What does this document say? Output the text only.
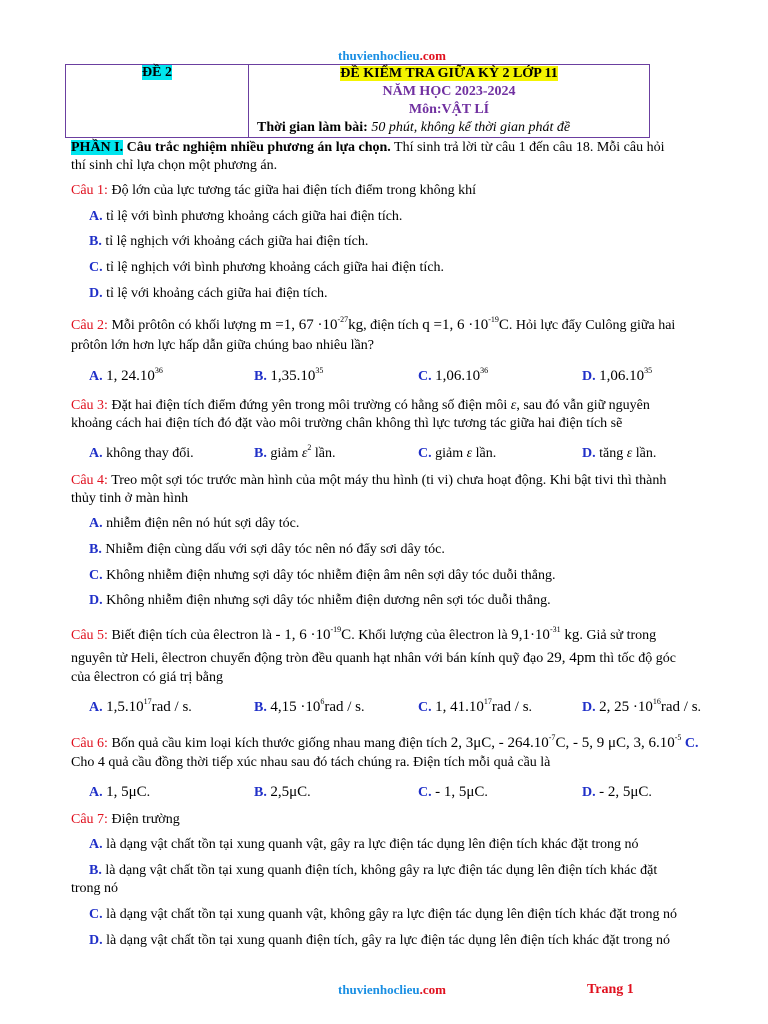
thuvienhoclieu.com
ĐỀ 2	ĐỀ KIỂM TRA GIỮA KỲ 2 LỚP 11
NĂM HỌC 2023-2024
Môn:VẬT LÍ
Thời gian làm bài: 50 phút, không kể thời gian phát đề
PHẦN I. Câu trắc nghiệm nhiều phương án lựa chọn. Thí sinh trả lời từ câu 1 đến câu 18. Mỗi câu hỏi
thí sinh chỉ lựa chọn một phương án.
Câu 1: Độ lớn của lực tương tác giữa hai điện tích điểm trong không khí
A. tỉ lệ với bình phương khoảng cách giữa hai điện tích.
B. tỉ lệ nghịch với khoảng cách giữa hai điện tích.
C. tỉ lệ nghịch với bình phương khoảng cách giữa hai điện tích.
D. tỉ lệ với khoảng cách giữa hai điện tích.
Câu 2: Mỗi prôtôn có khối lượng m =1, $67 \cdot 10^{-27}kg$, điện tích q =1, $6 \cdot 10^{-19}C$. Hỏi lực đẩy Culông giữa hai
prôtôn lớn hơn lực hấp dẫn giữa chúng bao nhiêu lần?
A. 1, 24.10$^{36}$	B. 1,35.10$^{35}$	C. 1,06.10$^{36}$	D. 1,06.10$^{35}$
Câu 3: Đặt hai điện tích điểm đứng yên trong môi trường có hằng số điện môi ε, sau đó vẫn giữ nguyên
khoảng cách hai điện tích đó đặt vào môi trường chân không thì lực tương tác giữa hai điện tích sẽ
A. không thay đổi.	B. giảm $\varepsilon^2$ lần.	C. giảm ε lần.	D. tăng ε lần.
Câu 4: Treo một sợi tóc trước màn hình của một máy thu hình (ti vi) chưa hoạt động. Khi bật tivi thì thành
thủy tinh ở màn hình
A. nhiễm điện nên nó hút sợi dây tóc.
B. Nhiễm điện cùng dấu với sợi dây tóc nên nó đẩy sơi dây tóc.
C. Không nhiễm điện nhưng sợi dây tóc nhiễm điện âm nên sợi dây tóc duỗi thẳng.
D. Không nhiễm điện nhưng sợi dây tóc nhiễm điện dương nên sợi tóc duỗi thẳng.
Câu 5: Biết điện tích của êlectron là - 1, $6 \cdot 10^{-19}C$. Khối lượng của êlectron là $9,1\cdot 10^{-31}$ kg. Giả sử trong
nguyên tử Heli, êlectron chuyển động tròn đều quanh hạt nhân với bán kính quỹ đạo 29, 4pm thì tốc độ góc
của êlectron có giá trị bằng
A. 1,5.10$^{17}$rad / s.	B. $4,15 \cdot 10^6rad / s$.	C. 1, 41.10$^{17}$rad / s.	D. 2, $25 \cdot 10^{16}rad / s$.
Câu 6: Bốn quả cầu kim loại kích thước giống nhau mang điện tích 2, 3μC, - $264.10^{-7}C$, - 5, 9 μC, 3, $6.10^{-5}$ C.
Cho 4 quả cầu đồng thời tiếp xúc nhau sau đó tách chúng ra. Điện tích mỗi quả cầu là
A. 1, 5μC.	B. 2,5μC.	C. - 1, 5μC.	D. - 2, 5μC.
Câu 7: Điện trường
A. là dạng vật chất tồn tại xung quanh vật, gây ra lực điện tác dụng lên điện tích khác đặt trong nó
B. là dạng vật chất tồn tại xung quanh điện tích, không gây ra lực điện tác dụng lên điện tích khác đặt
trong nó
C. là dạng vật chất tồn tại xung quanh vật, không gây ra lực điện tác dụng lên điện tích khác đặt trong nó
D. là dạng vật chất tồn tại xung quanh điện tích, gây ra lực điện tác dụng lên điện tích khác đặt trong nó
thuvienhoclieu.com	Trang 1
